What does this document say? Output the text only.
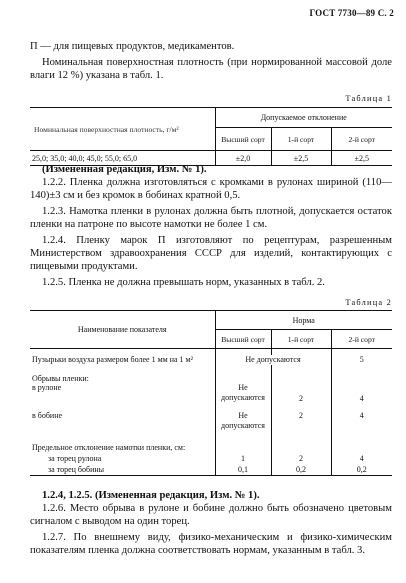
ГОСТ 7730—89 С. 2
П — для пищевых продуктов, медикаментов.
Номинальная поверхностная плотность (при нормированной массовой доле влаги 12 %) указана в табл. 1.
Таблица 1
Номинальная поверхностная плотность, г/м²	Допускаемое отклонение		
	Высший сорт	1-й сорт	2-й сорт
25,0; 35,0; 40,0; 45,0; 55,0; 65,0	±2,0	±2,5	±2,5
(Измененная редакция, Изм. № 1).
1.2.2. Пленка должна изготовляться с кромками в рулонах шириной (110—140)±3 см и без кромок в бобинах кратной 0,5.
1.2.3. Намотка пленки в рулонах должна быть плотной, допускается остаток пленки на патроне по высоте намотки не более 1 см.
1.2.4. Пленку марок П изготовляют по рецептурам, разрешенным Министерством здравоохранения СССР для изделий, контактирующих с пищевыми продуктами.
1.2.5. Пленка не должна превышать норм, указанных в табл. 2.
Таблица 2
Наименование показателя	Норма		
	Высший сорт	1-й сорт	2-й сорт

Пузырьки воздуха размером более 1 мм на 1 м²	Не допускаются		5
Обрывы пленки:			
в рулоне	Не допускаются	2	4

в бобине	Не допускаются	2	4

Предельное отклонение намотки пленки, см:			
за торец рулона	1	2	4
за торец бобины	0,1	0,2	0,2
1.2.4, 1.2.5. (Измененная редакция, Изм. № 1).
1.2.6. Место обрыва в рулоне и бобине должно быть обозначено цветовым сигналом с выводом на один торец.
1.2.7. По внешнему виду, физико-механическим и физико-химическим показателям пленка должна соответствовать нормам, указанным в табл. 3.
